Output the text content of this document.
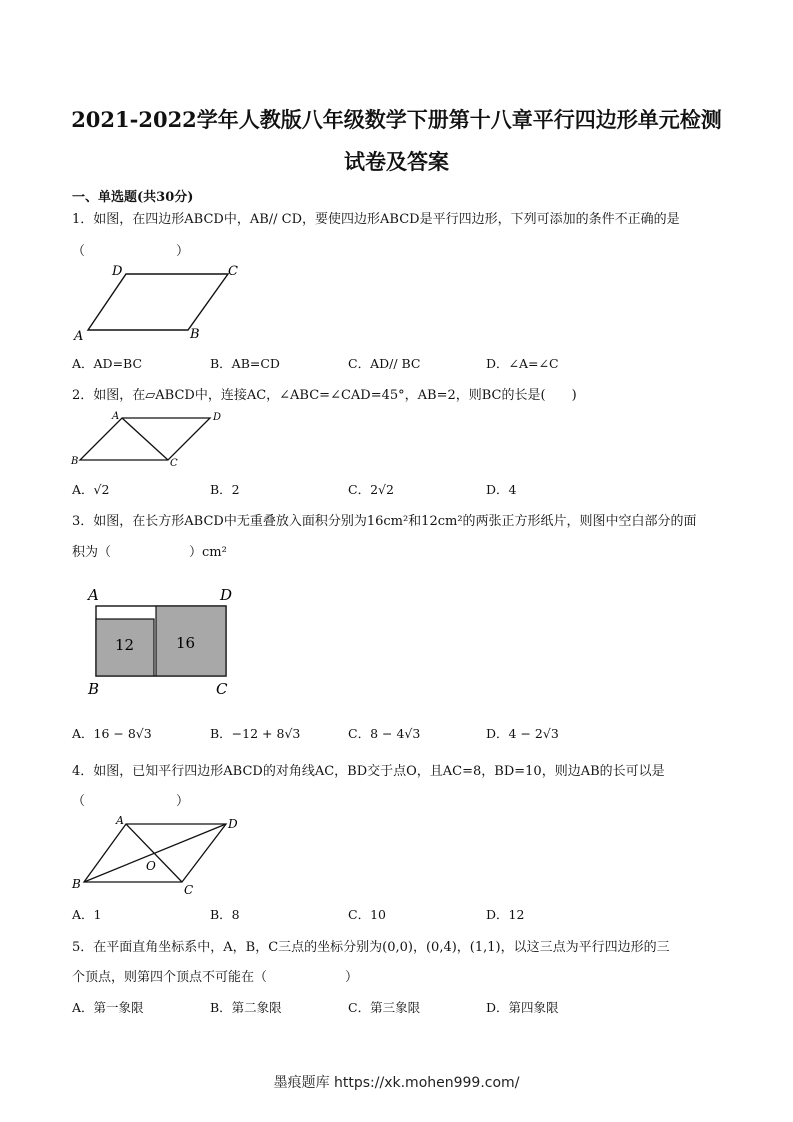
2021-2022学年人教版八年级数学下册第十八章平行四边形单元检测
试卷及答案
一、单选题(共30分)
1．如图，在四边形ABCD中，AB// CD，要使四边形ABCD是平行四边形，下列可添加的条件不正确的是
（　　　　　　　）
D	C
A	B
A．AD=BC	B．AB=CD	C．AD// BC	D．∠A=∠C
2．如图，在▱ABCD中，连接AC，∠ABC=∠CAD=45°，AB=2，则BC的长是(　　)
A	D
B	C
A．√2	B．2	C．2√2	D．4
3．如图，在长方形ABCD中无重叠放入面积分别为16cm²和12cm²的两张正方形纸片，则图中空白部分的面
积为（　　　　　　）cm²
12	16
A	D
B	C
A．16 − 8√3	B．−12 + 8√3	C．8 − 4√3	D．4 − 2√3
4．如图，已知平行四边形ABCD的对角线AC，BD交于点O，且AC=8，BD=10，则边AB的长可以是
（　　　　　　　）
A	D
B	C
O
A．1	B．8	C．10	D．12
5．在平面直角坐标系中，A，B，C三点的坐标分别为(0,0)，(0,4)，(1,1)，以这三点为平行四边形的三
个顶点，则第四个顶点不可能在（　　　　　　）
A．第一象限	B．第二象限	C．第三象限	D．第四象限
墨痕题库 https://xk.mohen999.com/
